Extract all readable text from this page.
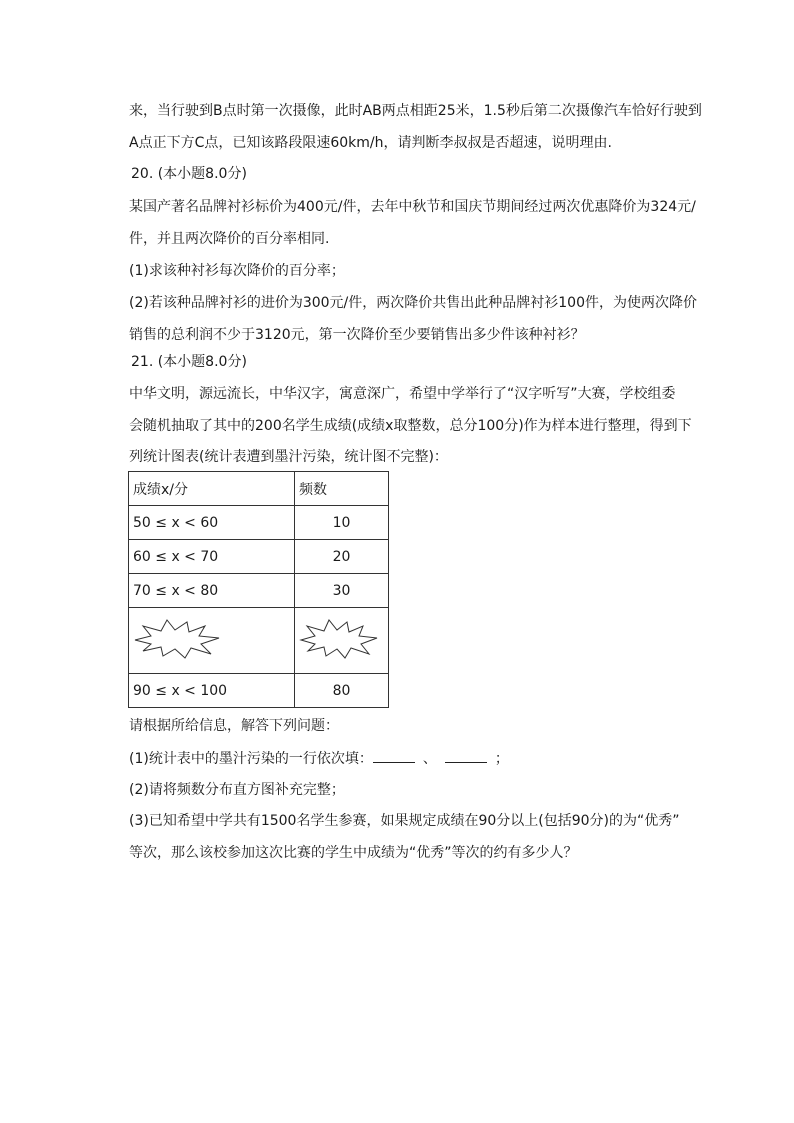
来，当行驶到B点时第一次摄像，此时AB两点相距25米，1.5秒后第二次摄像汽车恰好行驶到
A点正下方C点，已知该路段限速60km/h，请判断李叔叔是否超速，说明理由.
20. (本小题8.0分)
某国产著名品牌衬衫标价为400元/件，去年中秋节和国庆节期间经过两次优惠降价为324元/
件，并且两次降价的百分率相同.
(1)求该种衬衫每次降价的百分率；
(2)若该种品牌衬衫的进价为300元/件，两次降价共售出此种品牌衬衫100件，为使两次降价
销售的总利润不少于3120元，第一次降价至少要销售出多少件该种衬衫？
21. (本小题8.0分)
中华文明，源远流长，中华汉字，寓意深广，希望中学举行了“汉字听写”大赛，学校组委
会随机抽取了其中的200名学生成绩(成绩x取整数，总分100分)作为样本进行整理，得到下
列统计图表(统计表遭到墨汁污染，统计图不完整)：
成绩x/分	频数
50 ≤ x < 60	10
60 ≤ x < 70	20
70 ≤ x < 80	30

90 ≤ x < 100	80
请根据所给信息，解答下列问题：
(1)统计表中的墨汁污染的一行依次填：	、	；
(2)请将频数分布直方图补充完整；
(3)已知希望中学共有1500名学生参赛，如果规定成绩在90分以上(包括90分)的为“优秀”
等次，那么该校参加这次比赛的学生中成绩为“优秀”等次的约有多少人？
